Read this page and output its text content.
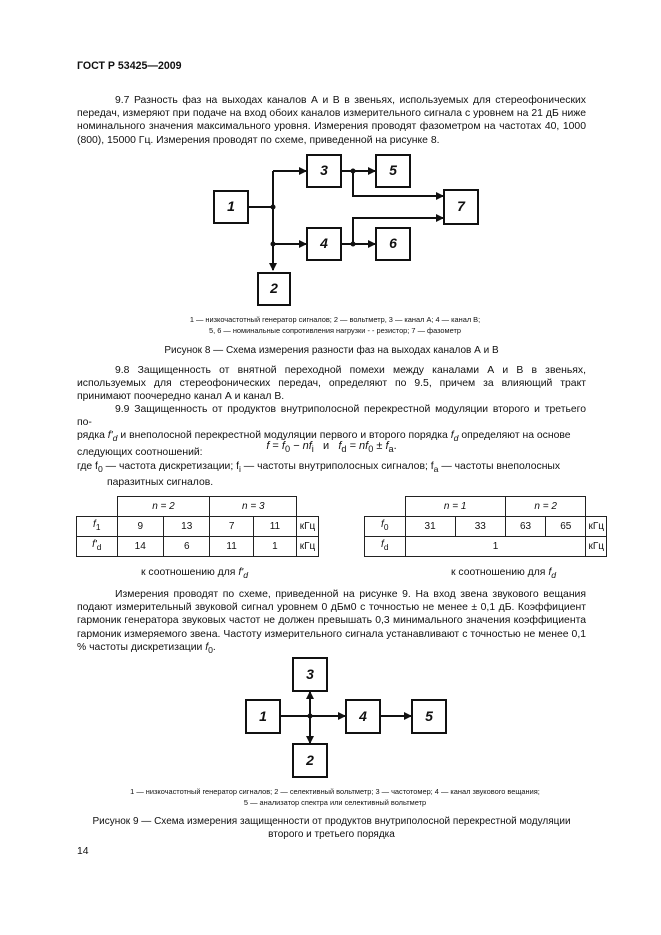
ГОСТ Р 53425—2009
9.7 Разность фаз на выходах каналов А и В в звеньях, используемых для стереофонических передач, измеряют при подаче на вход обоих каналов измерительного сигнала с уровнем на 21 дБ ниже номинального значения максимального уровня. Измерения проводят фазометром на частотах 40, 1000 (800), 15000 Гц. Измерения проводят по схеме, приведенной на рисунке 8.
1
2
3
4
5
6
7
1 — низкочастотный генератор сигналов; 2 — вольтметр, 3 — канал А; 4 — канал В;
5, 6 — номинальные сопротивления нагрузки - - резистор; 7 — фазометр
Рисунок 8 — Схема измерения разности фаз на выходах каналов А и В
9.8 Защищенность от внятной переходной помехи между каналами А и В в звеньях, используемых для стереофонических передач, определяют по 9.5, причем за влияющий тракт принимают поочередно канал А и канал В.
9.9 Защищенность от продуктов внутриполосной перекрестной модуляции второго и третьего по-
рядка $f'_d$ и внеполосной перекрестной модуляции первого и второго порядка $f_d$ определяют на основе
следующих соотношений:
$f = f_0 - nf_i$ и $f_d = nf_0 \pm f_a$.
где $f_0$ — частота дискретизации; $f_i$ — частоты внутриполосных сигналов; $f_a$ — частоты внеполосных
паразитных сигналов.
	n = 2		n = 3		
$f_1$	9	13	7	11	кГц
$f'_d$	14	6	11	1	кГц
к соотношению для $f'_d$
	n = 1		n = 2		
$f_0$	31	33	63	65	кГц
$f_d$	1				кГц
к соотношению для $f_d$
Измерения проводят по схеме, приведенной на рисунке 9. На вход звена звукового вещания подают измерительный звуковой сигнал уровнем 0 дБм0 с точностью не менее ± 0,1 дБ. Коэффициент гармоник генератора звуковых частот не должен превышать 0,3 минимального значения коэффициента гармоник измеряемого звена. Частоту измерительного сигнала устанавливают с точностью не менее 0,1 % частоты дискретизации $f_0$.
1
2
3
4	5
1 — низкочастотный генератор сигналов; 2 — селективный вольтметр; 3 — частотомер; 4 — канал звукового вещания;
5 — анализатор спектра или селективный вольтметр
Рисунок 9 — Схема измерения защищенности от продуктов внутриполосной перекрестной модуляции
второго и третьего порядка
14
